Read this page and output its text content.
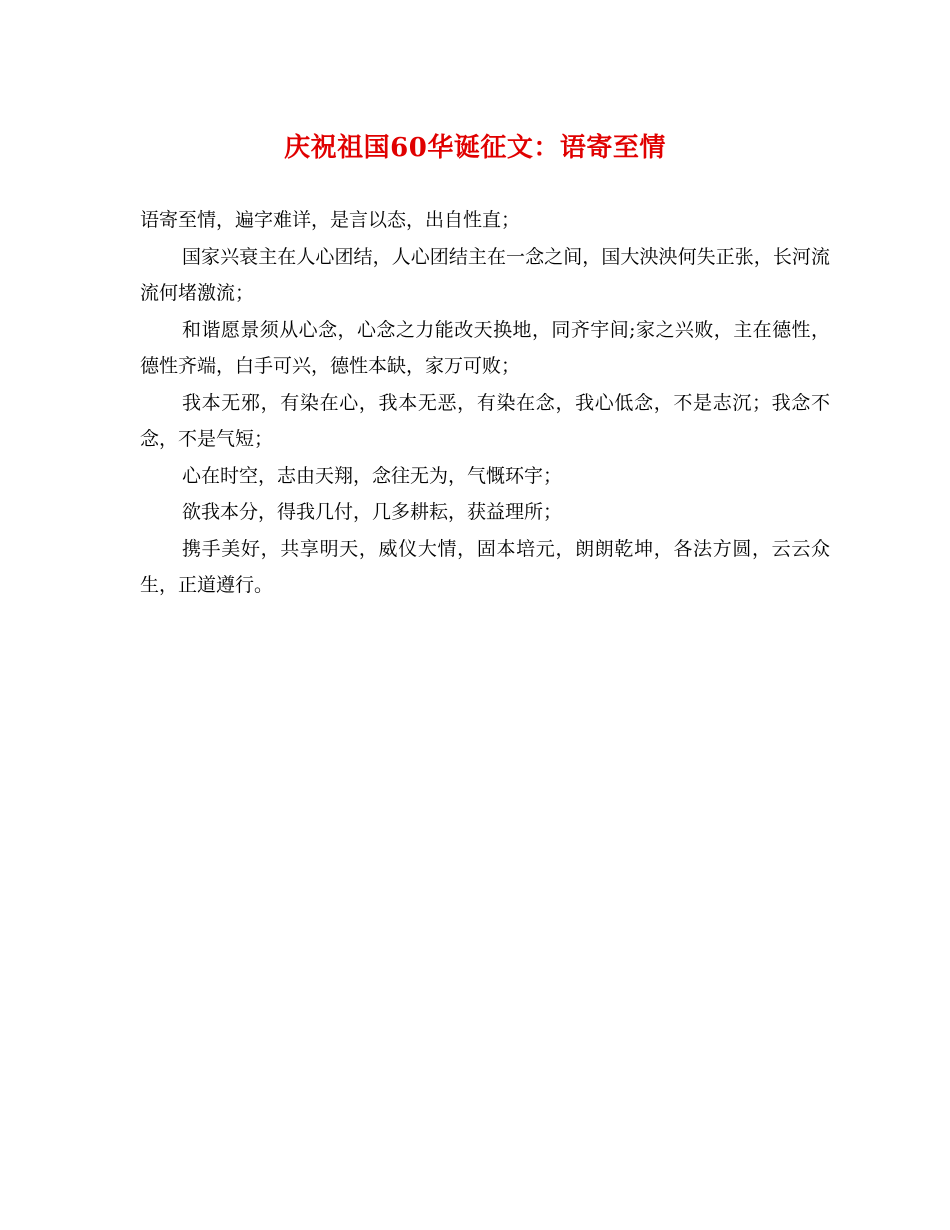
庆祝祖国60华诞征文：语寄至情

语寄至情，遍字难详，是言以态，出自性直；

国家兴衰主在人心团结，人心团结主在一念之间，国大泱泱何失正张，长河流流何堵激流；

和谐愿景须从心念，心念之力能改天换地，同齐宇间;家之兴败，主在德性，德性齐端，白手可兴，德性本缺，家万可败；

我本无邪，有染在心，我本无恶，有染在念，我心低念，不是志沉；我念不念，不是气短；

心在时空，志由天翔，念往无为，气慨环宇；

欲我本分，得我几付，几多耕耘，获益理所；

携手美好，共享明天，威仪大情，固本培元，朗朗乾坤，各法方圆，云云众生，正道遵行。
